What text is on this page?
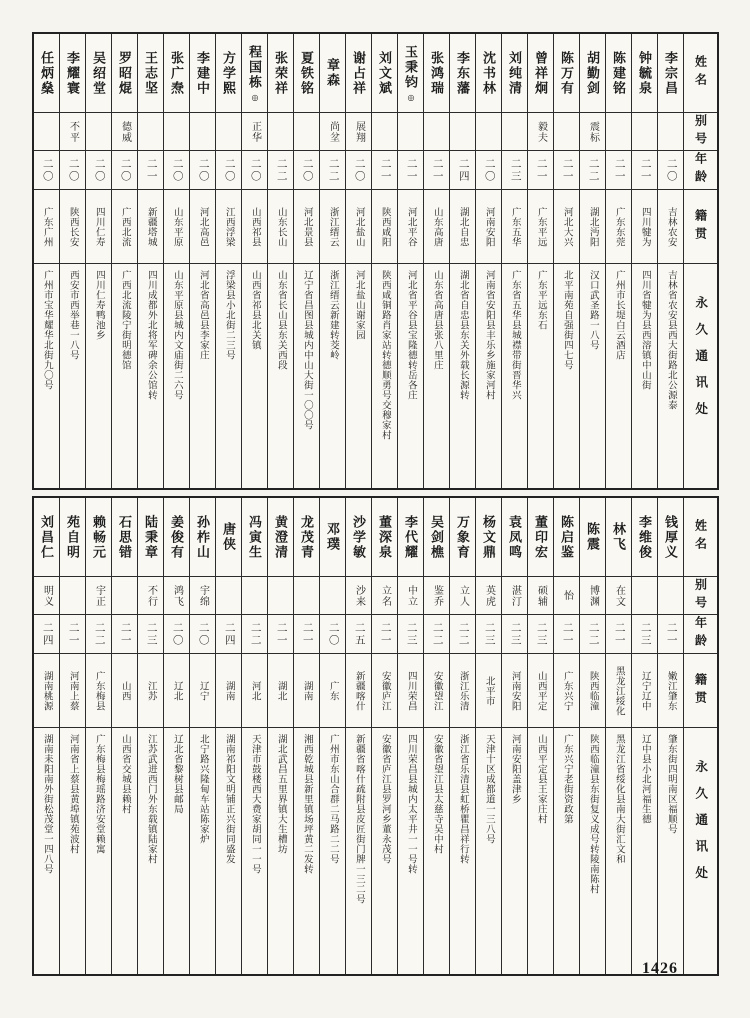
姓名
别号
年龄
籍贯
永久通讯处
李宗昌
二〇
吉林农安
吉林省农安县西大街路北公源泰
钟毓泉
二一
四川犍为
四川省犍为县西溶镇中山街
陈建铭
二一
广东东莞
广州市长堤白云酒店
胡勤剑
震标
二二
湖北沔阳
汉口武圣路一八号
陈万有
二一
河北大兴
北平南苑自强街四七号
曾祥炯
毅夫
二一
广东平远
广东平远东石
刘纯清
二三
广东五华
广东省五华县城襟带街晋华兴
沈书林
二〇
河南安阳
河南省安阳县丰乐乡施家河村
李东藩
二四
湖北自忠
湖北省自忠县东关外载长源转
张鸿瑞
二一
山东高唐
山东省高唐县张八里庄
玉秉钧◎
二一
河北平谷
河北省平谷县宝隆德转岳各庄
刘文斌
二一
陕西咸阳
陕西咸铜路肖家站转德顺勇号交穆家村
谢占祥
展翔
二〇
河北盐山
河北盐山谢家园
章森
尚坌
二二
浙江缙云
浙江缙云新建转茭岭
夏铁铭
二〇
河北景县
辽宁省昌图县城内中山大街一〇〇号
张荣祥
二二
山东长山
山东省长山县东关西段
程国栋◎
正华
二〇
山西祁县
山西省祁县北关镇
方学熙
二〇
江西浮梁
浮梁县小北街二三号
李建中
二〇
河北高邑
河北省高邑县李家庄
张广焘
二〇
山东平原
山东平原县城内文庙街二六号
王志坚
二一
新疆塔城
四川成都外北将军碑余公馆转
罗昭焜
德威
二〇
广西北流
广西北流陵宁街明德馆
吴绍堂
二〇
四川仁寿
四川仁寿鸭池乡
李耀寰
不平
二〇
陕西长安
西安市西举巷一八号
任炳燊
二〇
广东广州
广州市宝华耀华北街九〇号
姓名
别号
年龄
籍贯
永久通讯处
钱厚义
二一
嫩江肇东
肇东街四明南区福顺号
李维俊
二三
辽宁辽中
辽中县小北河福生德
林飞
在文
二一
黑龙江绥化
黑龙江省绥化县南大街汇文和
陈震
博渊
二二
陕西临潼
陕西临潼县东街复义成号转陵南陈村
陈启鉴
怡
二一
广东兴宁
广东兴宁老街资政第
董印宏
硕辅
二三
山西平定
山西平定县王家庄村
袁凤鸣
湛汀
二三
河南安阳
河南安阳盖津乡
杨文鼎
英虎
二三
北平市
天津十区成都道一三八号
万象育
立人
二二
浙江乐清
浙江省乐清县虹桥瞿昌祥行转
吴剑樵
鉴乔
二二
安徽望江
安徽省望江县太慈寺吴中村
李代耀
中立
二三
四川荣昌
四川荣昌县城内太平井一一号转
董深泉
立名
二一
安徽庐江
安徽省庐江县罗河乡董永茂号
沙学敏
沙来
二五
新疆喀什
新疆省喀什疏附县皮匠街门牌一三二号
邓璞
二〇
广东
广州市东山合群二马路二二号
龙茂青
二一
湖南
湘西乾城县新里镇场坪黄二发转
黄澄清
二一
湖北
湖北武昌五里界镇大生槽坊
冯寅生
二二
河北
天津市鼓楼西大费家胡同一一号
唐侠
二四
湖南
湖南祁阳文明铺正兴街同盛发
孙柞山
宇绵
二〇
辽宁
北宁路兴隆甸车站陈家炉
姜俊有
鸿飞
二〇
辽北
辽北省黎树县邮局
陆秉章
不行
二三
江苏
江苏武进西门外东载镇陆家村
石思错
二一
山西
山西省交城县赖村
赖畅元
宇正
二二
广东梅县
广东梅县梅瑶路济安堂赖寓
苑自明
二一
河南上蔡
河南省上蔡县黄埠镇苑波村
刘昌仁
明义
二四
湖南桃源
湖南耒阳南外街松茂堂一四八号
1426
